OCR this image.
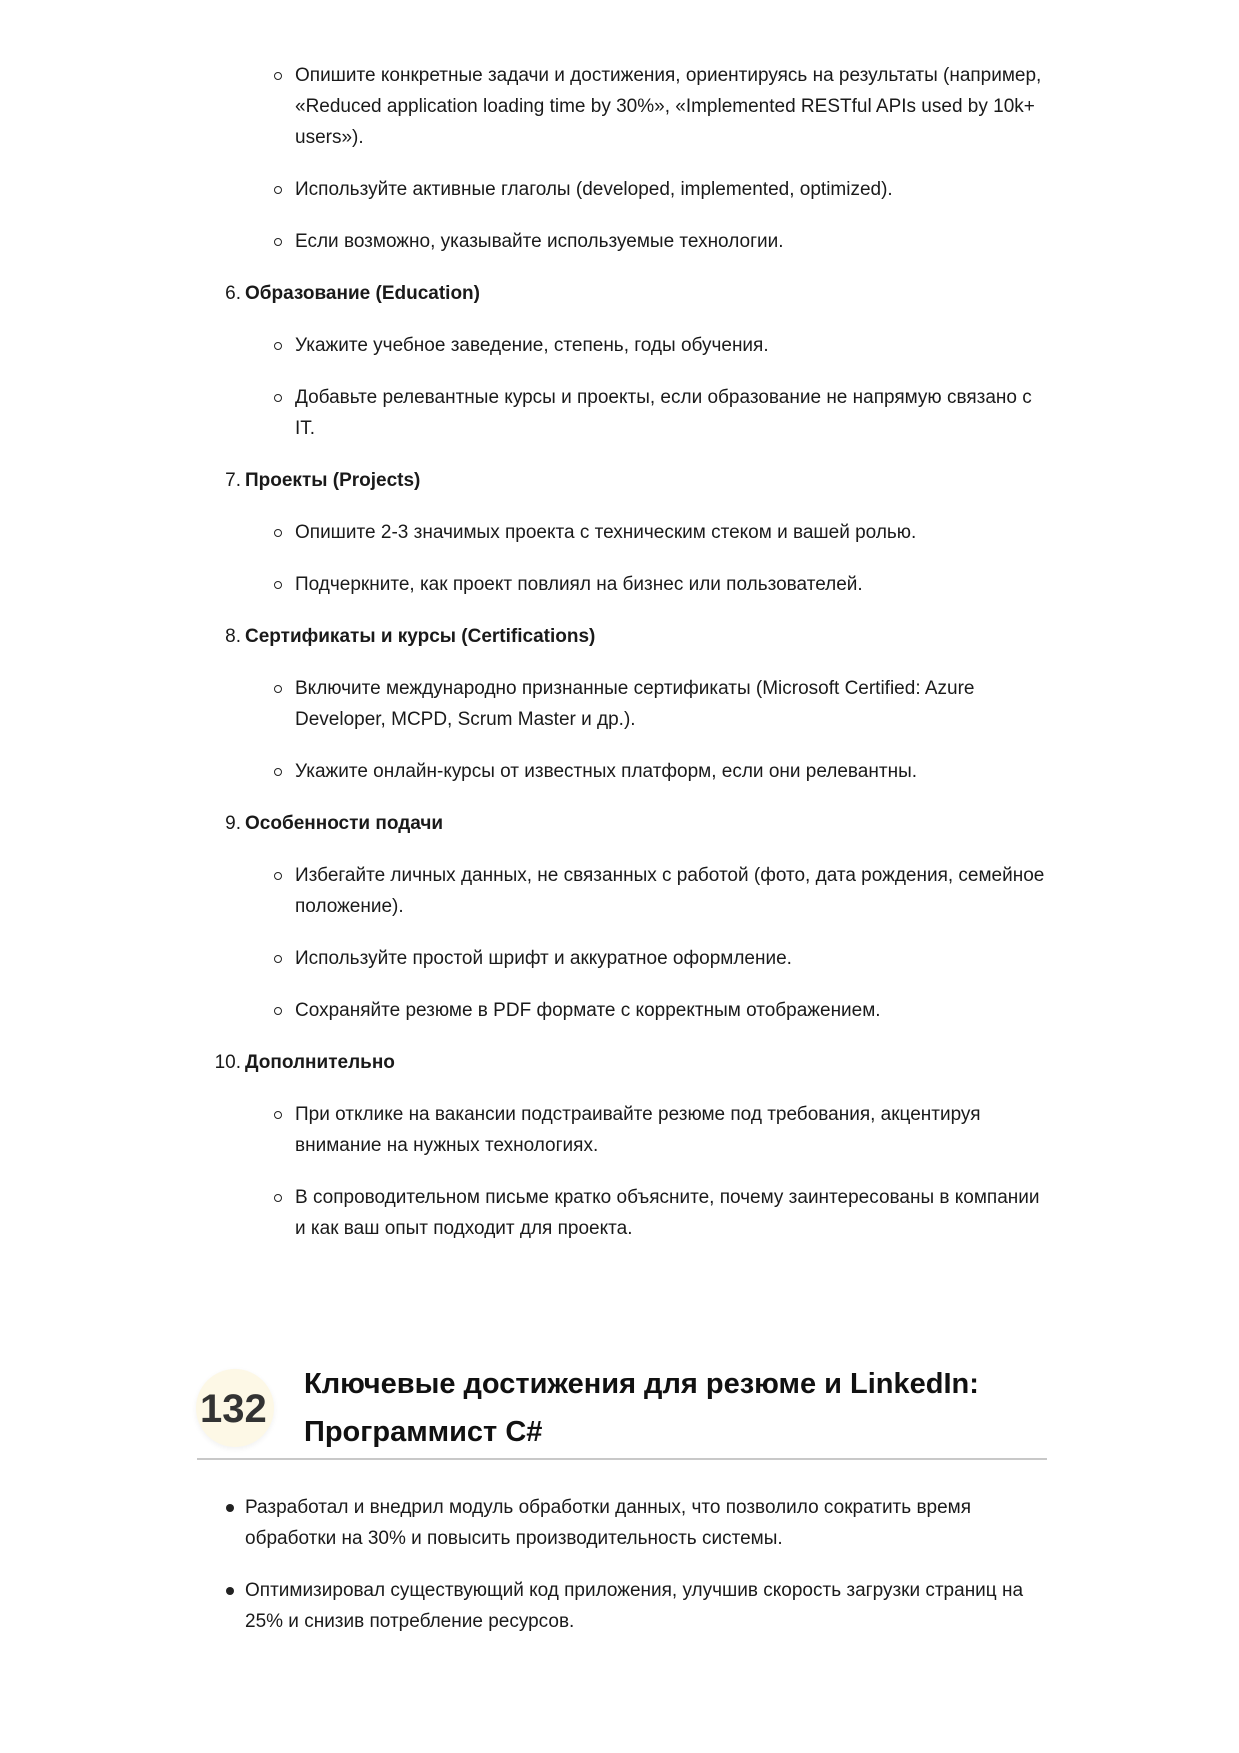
Опишите конкретные задачи и достижения, ориентируясь на результаты (например, «Reduced application loading time by 30%», «Implemented RESTful APIs used by 10k+ users»).
Используйте активные глаголы (developed, implemented, optimized).
Если возможно, указывайте используемые технологии.
6. Образование (Education)
Укажите учебное заведение, степень, годы обучения.
Добавьте релевантные курсы и проекты, если образование не напрямую связано с IT.
7. Проекты (Projects)
Опишите 2-3 значимых проекта с техническим стеком и вашей ролью.
Подчеркните, как проект повлиял на бизнес или пользователей.
8. Сертификаты и курсы (Certifications)
Включите международно признанные сертификаты (Microsoft Certified: Azure Developer, MCPD, Scrum Master и др.).
Укажите онлайн-курсы от известных платформ, если они релевантны.
9. Особенности подачи
Избегайте личных данных, не связанных с работой (фото, дата рождения, семейное положение).
Используйте простой шрифт и аккуратное оформление.
Сохраняйте резюме в PDF формате с корректным отображением.
10. Дополнительно
При отклике на вакансии подстраивайте резюме под требования, акцентируя внимание на нужных технологиях.
В сопроводительном письме кратко объясните, почему заинтересованы в компании и как ваш опыт подходит для проекта.
132
Ключевые достижения для резюме и LinkedIn: Программист C#
Разработал и внедрил модуль обработки данных, что позволило сократить время обработки на 30% и повысить производительность системы.
Оптимизировал существующий код приложения, улучшив скорость загрузки страниц на 25% и снизив потребление ресурсов.
